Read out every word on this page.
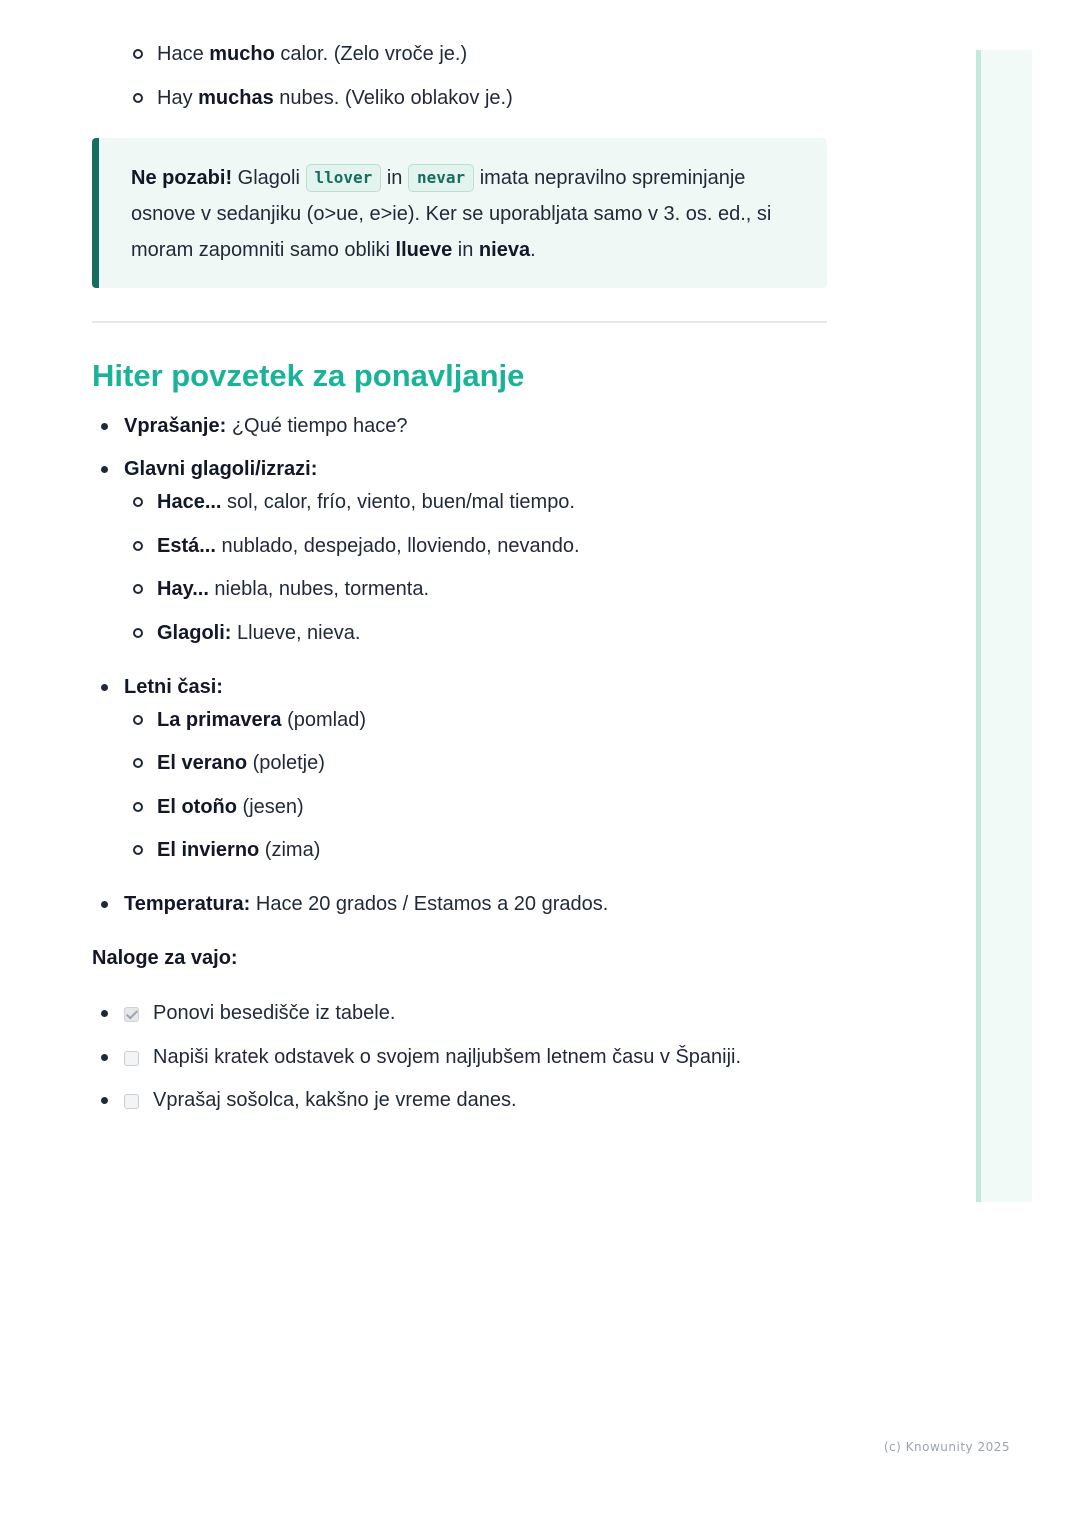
Hace mucho calor. (Zelo vroče je.)
Hay muchas nubes. (Veliko oblakov je.)
Ne pozabi! Glagoli llover in nevar imata nepravilno spreminjanje osnove v sedanjiku (o>ue, e>ie). Ker se uporabljata samo v 3. os. ed., si moram zapomniti samo obliki llueve in nieva.
Hiter povzetek za ponavljanje
Vprašanje: ¿Qué tiempo hace?
Glavni glagoli/izrazi:
Hace... sol, calor, frío, viento, buen/mal tiempo.
Está... nublado, despejado, lloviendo, nevando.
Hay... niebla, nubes, tormenta.
Glagoli: Llueve, nieva.
Letni časi:
La primavera (pomlad)
El verano (poletje)
El otoño (jesen)
El invierno (zima)
Temperatura: Hace 20 grados / Estamos a 20 grados.
Naloge za vajo:
Ponovi besediščе iz tabele.
Napiši kratek odstavek o svojem najljubšem letnem času v Španiji.
Vprašaj sošolca, kakšno je vreme danes.
(c) Knowunity 2025
